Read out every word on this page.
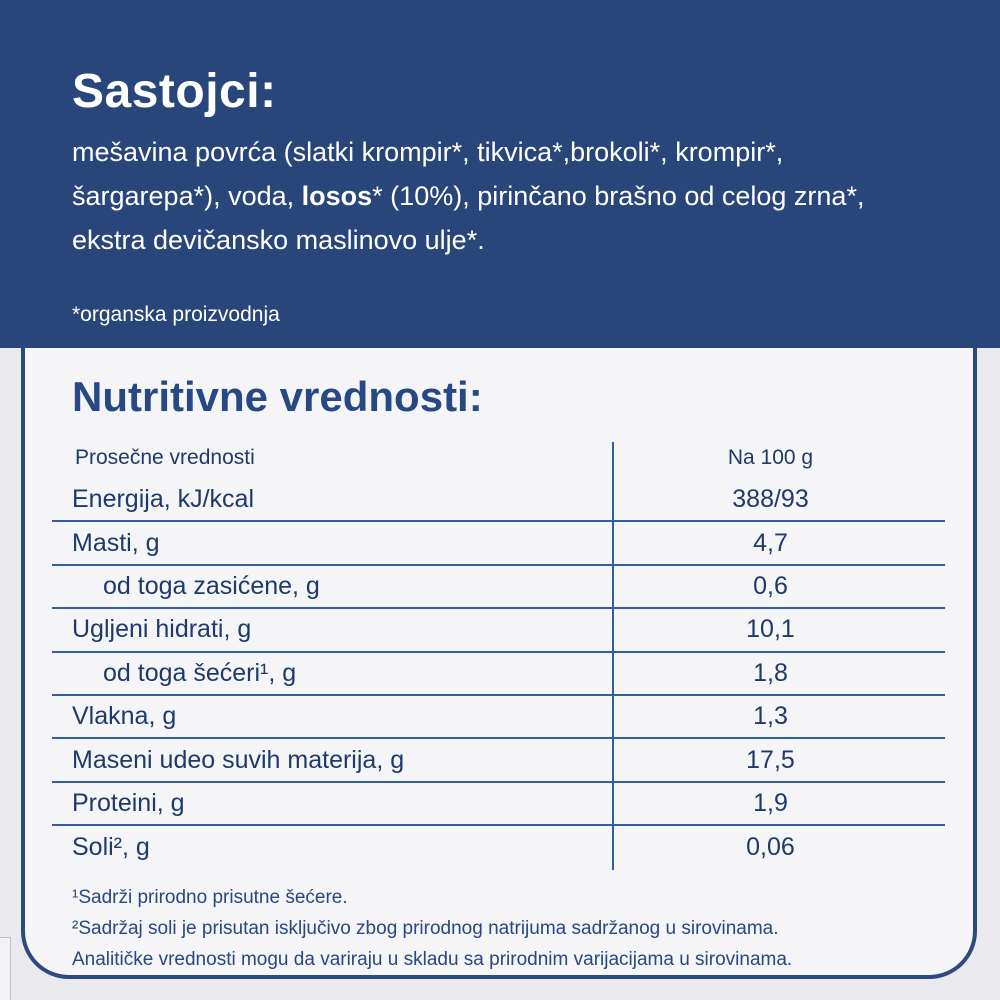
Sastojci:
mešavina povrća (slatki krompir*, tikvica*,brokoli*, krompir*,
šargarepa*), voda, losos* (10%), pirinčano brašno od celog zrna*,
ekstra devičansko maslinovo ulje*.
*organska proizvodnja
Nutritivne vrednosti:
Prosečne vrednosti	Na 100 g
Energija, kJ/kcal	388/93
Masti, g	4,7
od toga zasićene, g	0,6
Ugljeni hidrati, g	10,1
od toga šećeri¹, g	1,8
Vlakna, g	1,3
Maseni udeo suvih materija, g	17,5
Proteini, g	1,9
Soli², g	0,06
¹Sadrži prirodno prisutne šećere.
²Sadržaj soli je prisutan isključivo zbog prirodnog natrijuma sadržanog u sirovinama.
Analitičke vrednosti mogu da variraju u skladu sa prirodnim varijacijama u sirovinama.
